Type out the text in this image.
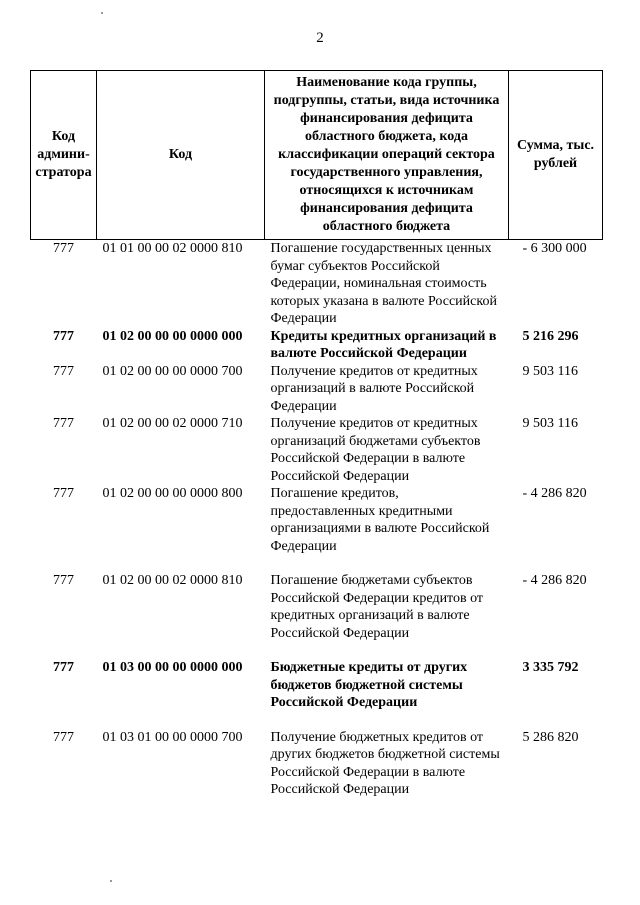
2
Код админи- стратора	Код	Наименование кода группы, подгруппы, статьи, вида источника финансирования дефицита областного бюджета, кода классификации операций сектора государственного управления, относящихся к источникам финансирования дефицита областного бюджета	Сумма, тыс. рублей
777	01 01 00 00 02 0000 810	Погашение государственных ценных бумаг субъектов Российской Федерации, номинальная стоимость которых указана в валюте Российской Федерации	- 6 300 000
777	01 02 00 00 00 0000 000	Кредиты кредитных организаций в валюте Российской Федерации	5 216 296
777	01 02 00 00 00 0000 700	Получение кредитов от кредитных организаций в валюте Российской Федерации	9 503 116
777	01 02 00 00 02 0000 710	Получение кредитов от кредитных организаций бюджетами субъектов Российской Федерации в валюте Российской Федерации	9 503 116
777	01 02 00 00 00 0000 800	Погашение кредитов, предоставленных кредитными организациями в валюте Российской Федерации	- 4 286 820

777	01 02 00 00 02 0000 810	Погашение бюджетами субъектов Российской Федерации кредитов от кредитных организаций в валюте Российской Федерации	- 4 286 820

777	01 03 00 00 00 0000 000	Бюджетные кредиты от других бюджетов бюджетной системы Российской Федерации	3 335 792

777	01 03 01 00 00 0000 700	Получение бюджетных кредитов от других бюджетов бюджетной системы Российской Федерации в валюте Российской Федерации	5 286 820
